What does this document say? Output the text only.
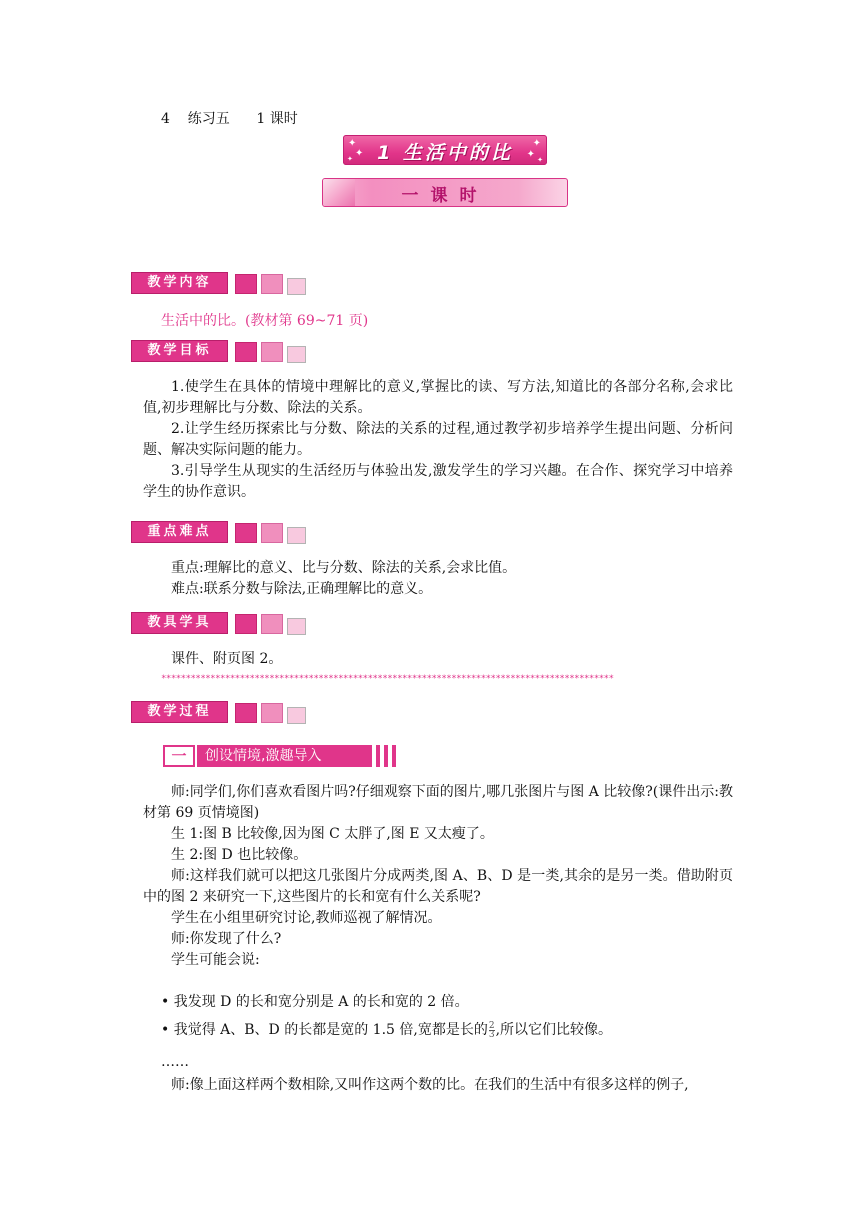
4    练习五      1 课时
✦
✦
✦
✦
✦ ✦
1 生活中的比
一课时
教学内容
生活中的比。(教材第 69~71 页)
教学目标

1.使学生在具体的情境中理解比的意义,掌握比的读、写方法,知道比的各部分名称,会求比值,初步理解比与分数、除法的关系。

2.让学生经历探索比与分数、除法的关系的过程,通过教学初步培养学生提出问题、分析问题、解决实际问题的能力。

3.引导学生从现实的生活经历与体验出发,激发学生的学习兴趣。在合作、探究学习中培养学生的协作意识。

重点难点

重点:理解比的意义、比与分数、除法的关系,会求比值。

难点:联系分数与除法,正确理解比的意义。

教具学具

课件、附页图 2。

********************************************************************************************
教学过程
一	创设情境,激趣导入

师:同学们,你们喜欢看图片吗?仔细观察下面的图片,哪几张图片与图 A 比较像?(课件出示:教材第 69 页情境图)

生 1:图 B 比较像,因为图 C 太胖了,图 E 又太瘦了。

生 2:图 D 也比较像。

师:这样我们就可以把这几张图片分成两类,图 A、B、D 是一类,其余的是另一类。借助附页中的图 2 来研究一下,这些图片的长和宽有什么关系呢?

学生在小组里研究讨论,教师巡视了解情况。

师:你发现了什么?

学生可能会说:

• 我发现 D 的长和宽分别是 A 的长和宽的 2 倍。
• 我觉得 A、B、D 的长都是宽的 1.5 倍,宽都是长的 $\frac{2}{3}$ ,所以它们比较像。
……

师:像上面这样两个数相除,又叫作这两个数的比。在我们的生活中有很多这样的例子,
